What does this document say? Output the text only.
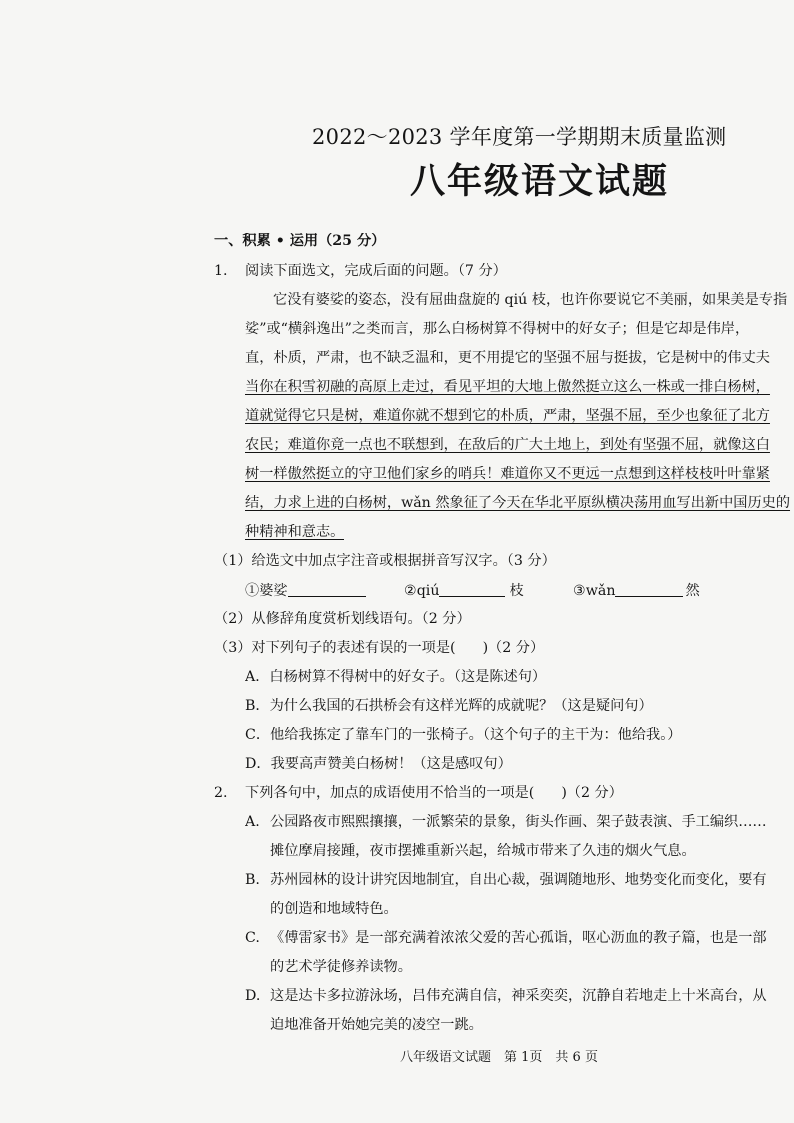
2022～2023 学年度第一学期期末质量监测
八年级语文试题
一、积累 • 运用（25 分）
1. 阅读下面选文，完成后面的问题。（7 分）
它没有婆娑的姿态，没有屈曲盘旋的 qiú 枝，也许你要说它不美丽，如果美是专指
娑”或“横斜逸出”之类而言，那么白杨树算不得树中的好女子；但是它却是伟岸，
直，朴质，严肃，也不缺乏温和，更不用提它的坚强不屈与挺拔，它是树中的伟丈夫
当你在积雪初融的高原上走过，看见平坦的大地上傲然挺立这么一株或一排白杨树，
道就觉得它只是树，难道你就不想到它的朴质，严肃，坚强不屈，至少也象征了北方
农民；难道你竟一点也不联想到，在敌后的广大土地上，到处有坚强不屈，就像这白
树一样傲然挺立的守卫他们家乡的哨兵！难道你又不更远一点想到这样枝枝叶叶靠紧
结，力求上进的白杨树，wǎn 然象征了今天在华北平原纵横决荡用血写出新中国历史的
种精神和意志。
（1）给选文中加点字注音或根据拼音写汉字。（3 分）
①婆娑	②qiú	枝	③wǎn	然
（2）从修辞角度赏析划线语句。（2 分）
（3）对下列句子的表述有误的一项是(      )（2 分）
A．白杨树算不得树中的好女子。（这是陈述句）
B．为什么我国的石拱桥会有这样光辉的成就呢？（这是疑问句）
C．他给我拣定了靠车门的一张椅子。（这个句子的主干为：他给我。）
D．我要高声赞美白杨树！（这是感叹句）
2. 下列各句中，加点的成语使用不恰当的一项是(      )（2 分）
A. 公园路夜市熙熙攘攘，一派繁荣的景象，街头作画、架子鼓表演、手工编织……
摊位摩肩接踵，夜市摆摊重新兴起，给城市带来了久违的烟火气息。
B. 苏州园林的设计讲究因地制宜，自出心裁，强调随地形、地势变化而变化，要有
的创造和地域特色。
C. 《傅雷家书》是一部充满着浓浓父爱的苦心孤诣，呕心沥血的教子篇，也是一部
的艺术学徒修养读物。
D. 这是达卡多拉游泳场，吕伟充满自信，神采奕奕，沉静自若地走上十米高台，从
迫地准备开始她完美的凌空一跳。
八年级语文试题　第 1页　共 6 页
